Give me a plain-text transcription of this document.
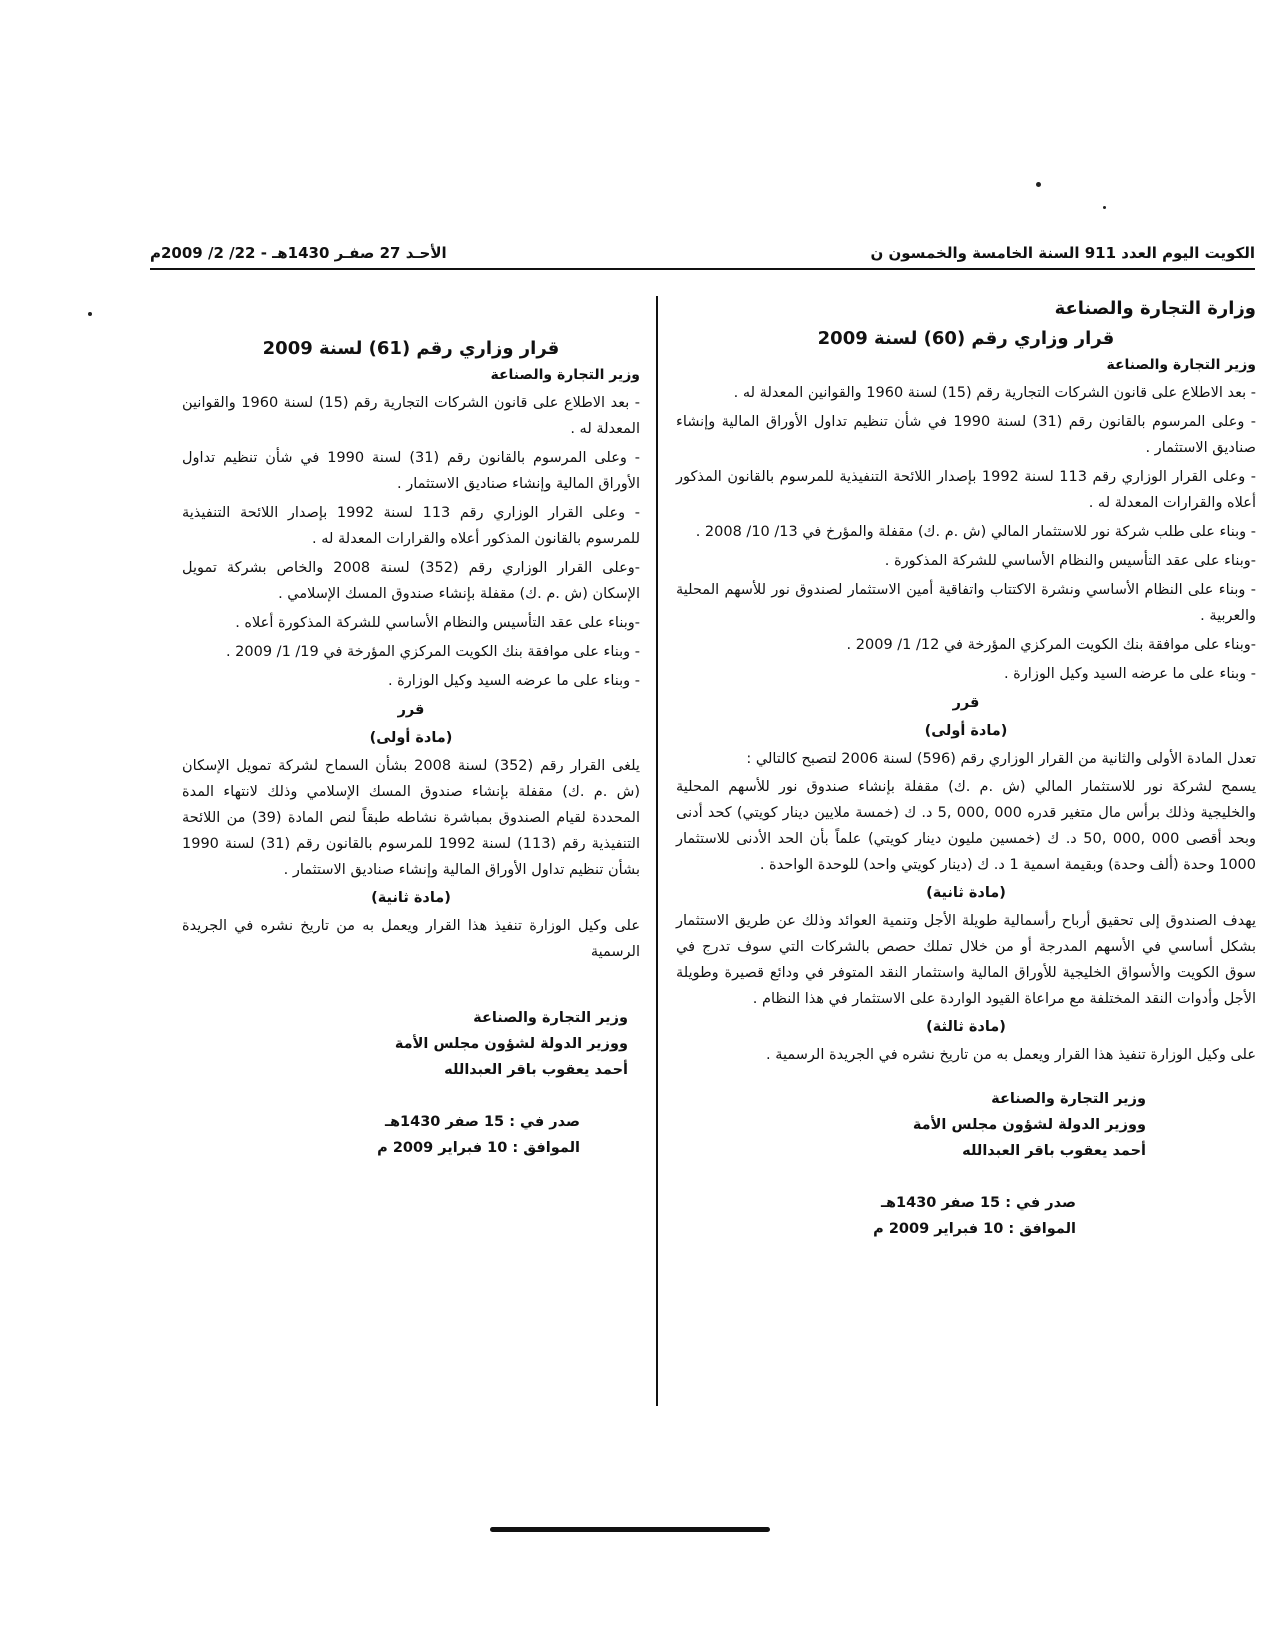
الكويت اليوم العدد 911 السنة الخامسة والخمسون ن
الأحـد 27 صفـر 1430هـ - 22/ 2/ 2009م
وزارة التجارة والصناعة
قرار وزاري رقم (60) لسنة 2009
وزير التجارة والصناعة

- بعد الاطلاع على قانون الشركات التجارية رقم (15) لسنة 1960 والقوانين المعدلة له .

- وعلى المرسوم بالقانون رقم (31) لسنة 1990 في شأن تنظيم تداول الأوراق المالية وإنشاء صناديق الاستثمار .

- وعلى القرار الوزاري رقم 113 لسنة 1992 بإصدار اللائحة التنفيذية للمرسوم بالقانون المذكور أعلاه والقرارات المعدلة له .

- وبناء على طلب شركة نور للاستثمار المالي (ش .م .ك) مقفلة والمؤرخ في 13/ 10/ 2008 .

-وبناء على عقد التأسيس والنظام الأساسي للشركة المذكورة .

- وبناء على النظام الأساسي ونشرة الاكتتاب واتفاقية أمين الاستثمار لصندوق نور للأسهم المحلية والعربية .

-وبناء على موافقة بنك الكويت المركزي المؤرخة في 12/ 1/ 2009 .

- وبناء على ما عرضه السيد وكيل الوزارة .

قرر
(مادة أولى)

تعدل المادة الأولى والثانية من القرار الوزاري رقم (596) لسنة 2006 لتصبح كالتالي :

يسمح لشركة نور للاستثمار المالي (ش .م .ك) مقفلة بإنشاء صندوق نور للأسهم المحلية والخليجية وذلك برأس مال متغير قدره 000 ,000 ,5 د. ك (خمسة ملايين دينار كويتي) كحد أدنى وبحد أقصى 000 ,000 ,50 د. ك (خمسين مليون دينار كويتي) علماً بأن الحد الأدنى للاستثمار 1000 وحدة (ألف وحدة) وبقيمة اسمية 1 د. ك (دينار كويتي واحد) للوحدة الواحدة .

(مادة ثانية)

يهدف الصندوق إلى تحقيق أرباح رأسمالية طويلة الأجل وتنمية العوائد وذلك عن طريق الاستثمار بشكل أساسي في الأسهم المدرجة أو من خلال تملك حصص بالشركات التي سوف تدرج في سوق الكويت والأسواق الخليجية للأوراق المالية واستثمار النقد المتوفر في ودائع قصيرة وطويلة الأجل وأدوات النقد المختلفة مع مراعاة القيود الواردة على الاستثمار في هذا النظام .

(مادة ثالثة)

على وكيل الوزارة تنفيذ هذا القرار ويعمل به من تاريخ نشره في الجريدة الرسمية .

وزير التجارة والصناعة
ووزير الدولة لشؤون مجلس الأمة
أحمد يعقوب باقر العبدالله
صدر في : 15 صفر 1430هـ
الموافق : 10 فبراير 2009 م
قرار وزاري رقم (61) لسنة 2009
وزير التجارة والصناعة

- بعد الاطلاع على قانون الشركات التجارية رقم (15) لسنة 1960 والقوانين المعدلة له .

- وعلى المرسوم بالقانون رقم (31) لسنة 1990 في شأن تنظيم تداول الأوراق المالية وإنشاء صناديق الاستثمار .

- وعلى القرار الوزاري رقم 113 لسنة 1992 بإصدار اللائحة التنفيذية للمرسوم بالقانون المذكور أعلاه والقرارات المعدلة له .

-وعلى القرار الوزاري رقم (352) لسنة 2008 والخاص بشركة تمويل الإسكان (ش .م .ك) مقفلة بإنشاء صندوق المسك الإسلامي .

-وبناء على عقد التأسيس والنظام الأساسي للشركة المذكورة أعلاه .

- وبناء على موافقة بنك الكويت المركزي المؤرخة في 19/ 1/ 2009 .

- وبناء على ما عرضه السيد وكيل الوزارة .

قرر
(مادة أولى)

يلغى القرار رقم (352) لسنة 2008 بشأن السماح لشركة تمويل الإسكان (ش .م .ك) مقفلة بإنشاء صندوق المسك الإسلامي وذلك لانتهاء المدة المحددة لقيام الصندوق بمباشرة نشاطه طبقاً لنص المادة (39) من اللائحة التنفيذية رقم (113) لسنة 1992 للمرسوم بالقانون رقم (31) لسنة 1990 بشأن تنظيم تداول الأوراق المالية وإنشاء صناديق الاستثمار .

(مادة ثانية)

على وكيل الوزارة تنفيذ هذا القرار ويعمل به من تاريخ نشره في الجريدة الرسمية

وزير التجارة والصناعة
ووزير الدولة لشؤون مجلس الأمة
أحمد يعقوب باقر العبدالله
صدر في : 15 صفر 1430هـ
الموافق : 10 فبراير 2009 م
